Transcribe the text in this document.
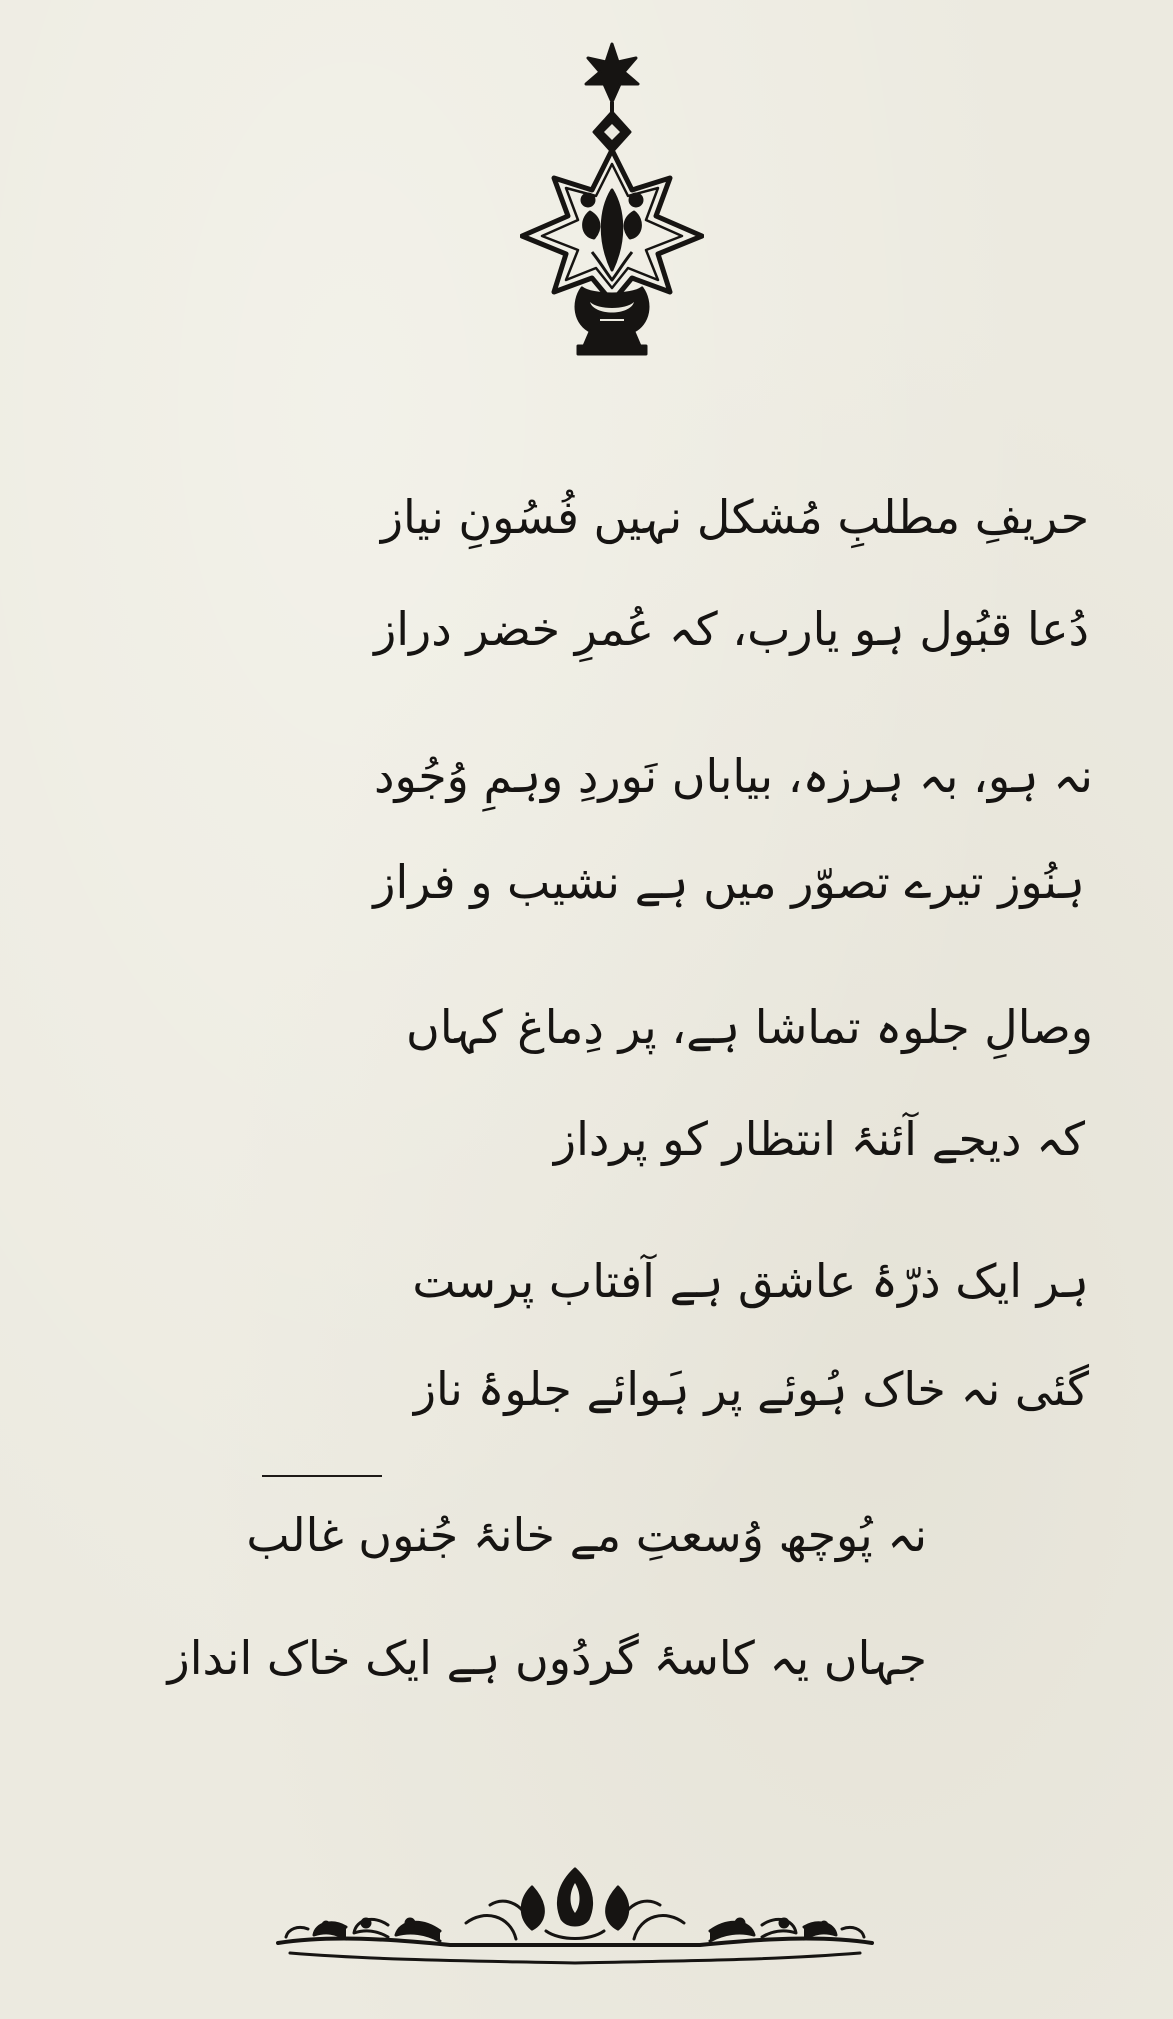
حریفِ مطلبِ مُشکل نہیں فُسُونِ نیاز
دُعا قبُول ہو یارب، کہ عُمرِ خضر دراز
نہ ہو، بہ ہرزہ، بیاباں نَوردِ وہمِ وُجُود
ہنُوز تیرے تصوّر میں ہے نشیب و فراز
وصالِ جلوہ تماشا ہے، پر دِماغ کہاں
کہ دیجے آئنۂ انتظار کو پرداز
ہر ایک ذرّۂ عاشق ہے آفتاب پرست
گئی نہ خاک ہُوئے پر ہَوائے جلوۂ ناز
نہ پُوچھ وُسعتِ مے خانۂ جُنوں غالب
جہاں یہ کاسۂ گردُوں ہے ایک خاک انداز
